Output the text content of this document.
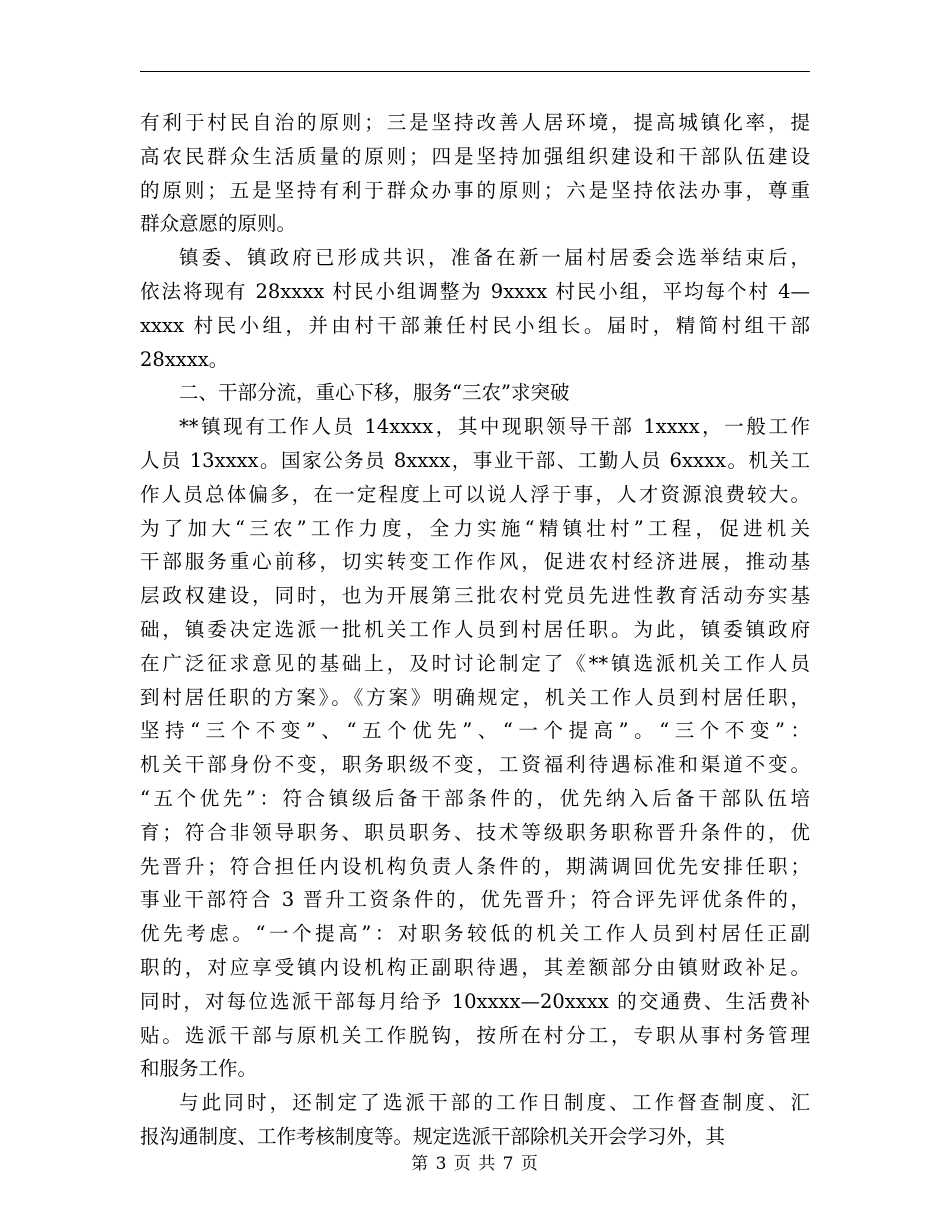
有利于村民自治的原则；三是坚持改善人居环境，提高城镇化率，提
高农民群众生活质量的原则；四是坚持加强组织建设和干部队伍建设
的原则；五是坚持有利于群众办事的原则；六是坚持依法办事，尊重
群众意愿的原则。

镇委、镇政府已形成共识，准备在新一届村居委会选举结束后，
依法将现有 28xxxx 村民小组调整为 9xxxx 村民小组，平均每个村 4—
xxxx 村民小组，并由村干部兼任村民小组长。届时，精简村组干部
28xxxx。

二、干部分流，重心下移，服务“三农”求突破

**镇现有工作人员 14xxxx，其中现职领导干部 1xxxx，一般工作
人员 13xxxx。国家公务员 8xxxx，事业干部、工勤人员 6xxxx。机关工
作人员总体偏多，在一定程度上可以说人浮于事，人才资源浪费较大。
为了加大“三农”工作力度，全力实施“精镇壮村”工程，促进机关
干部服务重心前移，切实转变工作作风，促进农村经济进展，推动基
层政权建设，同时，也为开展第三批农村党员先进性教育活动夯实基
础，镇委决定选派一批机关工作人员到村居任职。为此，镇委镇政府
在广泛征求意见的基础上，及时讨论制定了《**镇选派机关工作人员
到村居任职的方案》。《方案》明确规定，机关工作人员到村居任职，
坚持“三个不变”、“五个优先”、“一个提高”。“三个不变”：
机关干部身份不变，职务职级不变，工资福利待遇标准和渠道不变。
“五个优先”：符合镇级后备干部条件的，优先纳入后备干部队伍培
育；符合非领导职务、职员职务、技术等级职务职称晋升条件的，优
先晋升；符合担任内设机构负责人条件的，期满调回优先安排任职；
事业干部符合 3 晋升工资条件的，优先晋升；符合评先评优条件的，
优先考虑。“一个提高”：对职务较低的机关工作人员到村居任正副
职的，对应享受镇内设机构正副职待遇，其差额部分由镇财政补足。
同时，对每位选派干部每月给予 10xxxx—20xxxx 的交通费、生活费补
贴。选派干部与原机关工作脱钩，按所在村分工，专职从事村务管理
和服务工作。

与此同时，还制定了选派干部的工作日制度、工作督查制度、汇
报沟通制度、工作考核制度等。规定选派干部除机关开会学习外，其

第 3 页 共 7 页
